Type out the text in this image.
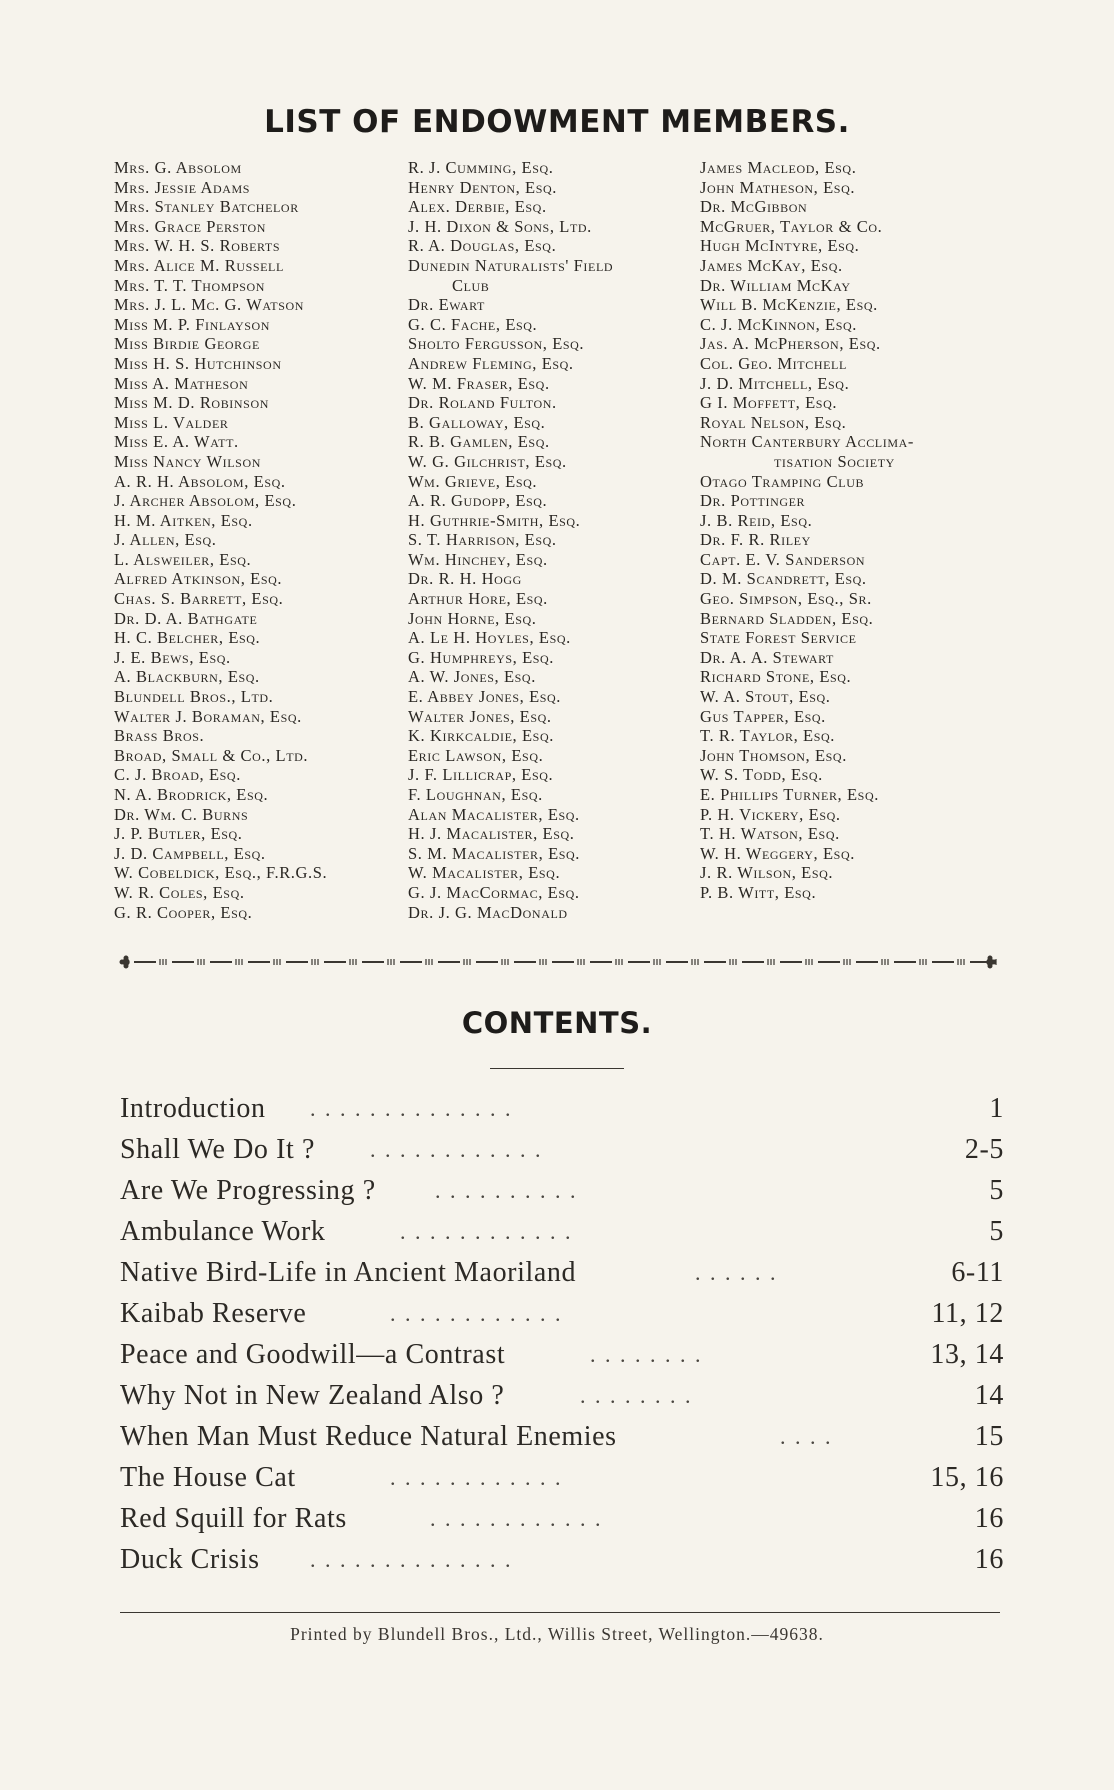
LIST OF ENDOWMENT MEMBERS.
Mrs. G. Absolom
Mrs. Jessie Adams
Mrs. Stanley Batchelor
Mrs. Grace Perston
Mrs. W. H. S. Roberts
Mrs. Alice M. Russell
Mrs. T. T. Thompson
Mrs. J. L. Mc. G. Watson
Miss M. P. Finlayson
Miss Birdie George
Miss H. S. Hutchinson
Miss A. Matheson
Miss M. D. Robinson
Miss L. Valder
Miss E. A. Watt.
Miss Nancy Wilson
A. R. H. Absolom, Esq.
J. Archer Absolom, Esq.
H. M. Aitken, Esq.
J. Allen, Esq.
L. Alsweiler, Esq.
Alfred Atkinson, Esq.
Chas. S. Barrett, Esq.
Dr. D. A. Bathgate
H. C. Belcher, Esq.
J. E. Bews, Esq.
A. Blackburn, Esq.
Blundell Bros., Ltd.
Walter J. Boraman, Esq.
Brass Bros.
Broad, Small & Co., Ltd.
C. J. Broad, Esq.
N. A. Brodrick, Esq.
Dr. Wm. C. Burns
J. P. Butler, Esq.
J. D. Campbell, Esq.
W. Cobeldick, Esq., F.R.G.S.
W. R. Coles, Esq.
G. R. Cooper, Esq.
R. J. Cumming, Esq.
Henry Denton, Esq.
Alex. Derbie, Esq.
J. H. Dixon & Sons, Ltd.
R. A. Douglas, Esq.
Dunedin Naturalists' Field
Club
Dr. Ewart
G. C. Fache, Esq.
Sholto Fergusson, Esq.
Andrew Fleming, Esq.
W. M. Fraser, Esq.
Dr. Roland Fulton.
B. Galloway, Esq.
R. B. Gamlen, Esq.
W. G. Gilchrist, Esq.
Wm. Grieve, Esq.
A. R. Gudopp, Esq.
H. Guthrie-Smith, Esq.
S. T. Harrison, Esq.
Wm. Hinchey, Esq.
Dr. R. H. Hogg
Arthur Hore, Esq.
John Horne, Esq.
A. Le H. Hoyles, Esq.
G. Humphreys, Esq.
A. W. Jones, Esq.
E. Abbey Jones, Esq.
Walter Jones, Esq.
K. Kirkcaldie, Esq.
Eric Lawson, Esq.
J. F. Lillicrap, Esq.
F. Loughnan, Esq.
Alan Macalister, Esq.
H. J. Macalister, Esq.
S. M. Macalister, Esq.
W. Macalister, Esq.
G. J. MacCormac, Esq.
Dr. J. G. MacDonald
James Macleod, Esq.
John Matheson, Esq.
Dr. McGibbon
McGruer, Taylor & Co.
Hugh McIntyre, Esq.
James McKay, Esq.
Dr. William McKay
Will B. McKenzie, Esq.
C. J. McKinnon, Esq.
Jas. A. McPherson, Esq.
Col. Geo. Mitchell
J. D. Mitchell, Esq.
G I. Moffett, Esq.
Royal Nelson, Esq.
North Canterbury Acclima-
tisation Society
Otago Tramping Club
Dr. Pottinger
J. B. Reid, Esq.
Dr. F. R. Riley
Capt. E. V. Sanderson
D. M. Scandrett, Esq.
Geo. Simpson, Esq., Sr.
Bernard Sladden, Esq.
State Forest Service
Dr. A. A. Stewart
Richard Stone, Esq.
W. A. Stout, Esq.
Gus Tapper, Esq.
T. R. Taylor, Esq.
John Thomson, Esq.
W. S. Todd, Esq.
E. Phillips Turner, Esq.
P. H. Vickery, Esq.
T. H. Watson, Esq.
W. H. Weggery, Esq.
J. R. Wilson, Esq.
P. B. Witt, Esq.
CONTENTS.
Introduction . . . . . . . . . . . . . .	1
Shall We Do It ? . . . . . . . . . . . .	2-5
Are We Progressing ?	. . . . . . . . . .	5
Ambulance Work	. . . . . . . . . . . .	5
Native Bird-Life in Ancient Maoriland	. . . . . .	6-11
Kaibab Reserve	. . . . . . . . . . . .	11, 12
Peace and Goodwill—a Contrast	. . . . . . . .	13, 14
Why Not in New Zealand Also ?	. . . . . . . .	14
When Man Must Reduce Natural Enemies	. . . .	15
The House Cat	. . . . . . . . . . . .	15, 16
Red Squill for Rats	. . . . . . . . . . . .	16
Duck Crisis . . . . . . . . . . . . . .	16
Printed by Blundell Bros., Ltd., Willis Street, Wellington.—49638.
